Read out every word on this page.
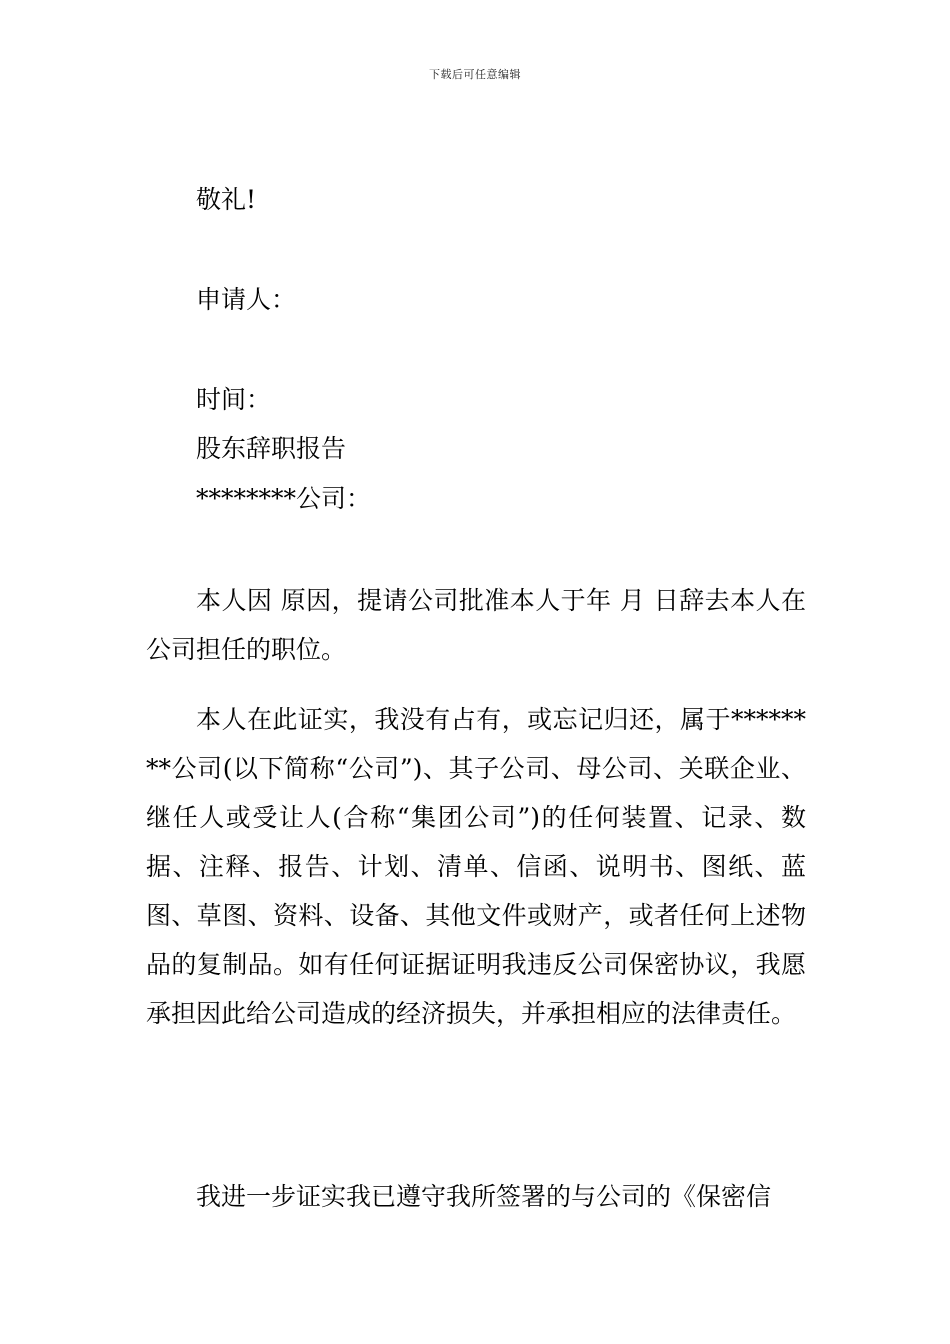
下载后可任意编辑
敬礼!
申请人：
时间：
股东辞职报告
********公司：
本人因 原因，提请公司批准本人于年 月 日辞去本人在公司担任的职位。
本人在此证实，我没有占有，或忘记归还，属于********公司(以下简称“公司”)、其子公司、母公司、关联企业、继任人或受让人(合称“集团公司”)的任何装置、记录、数据、注释、报告、计划、清单、信函、说明书、图纸、蓝图、草图、资料、设备、其他文件或财产，或者任何上述物品的复制品。如有任何证据证明我违反公司保密协议，我愿承担因此给公司造成的经济损失，并承担相应的法律责任。
我进一步证实我已遵守我所签署的与公司的《保密信
